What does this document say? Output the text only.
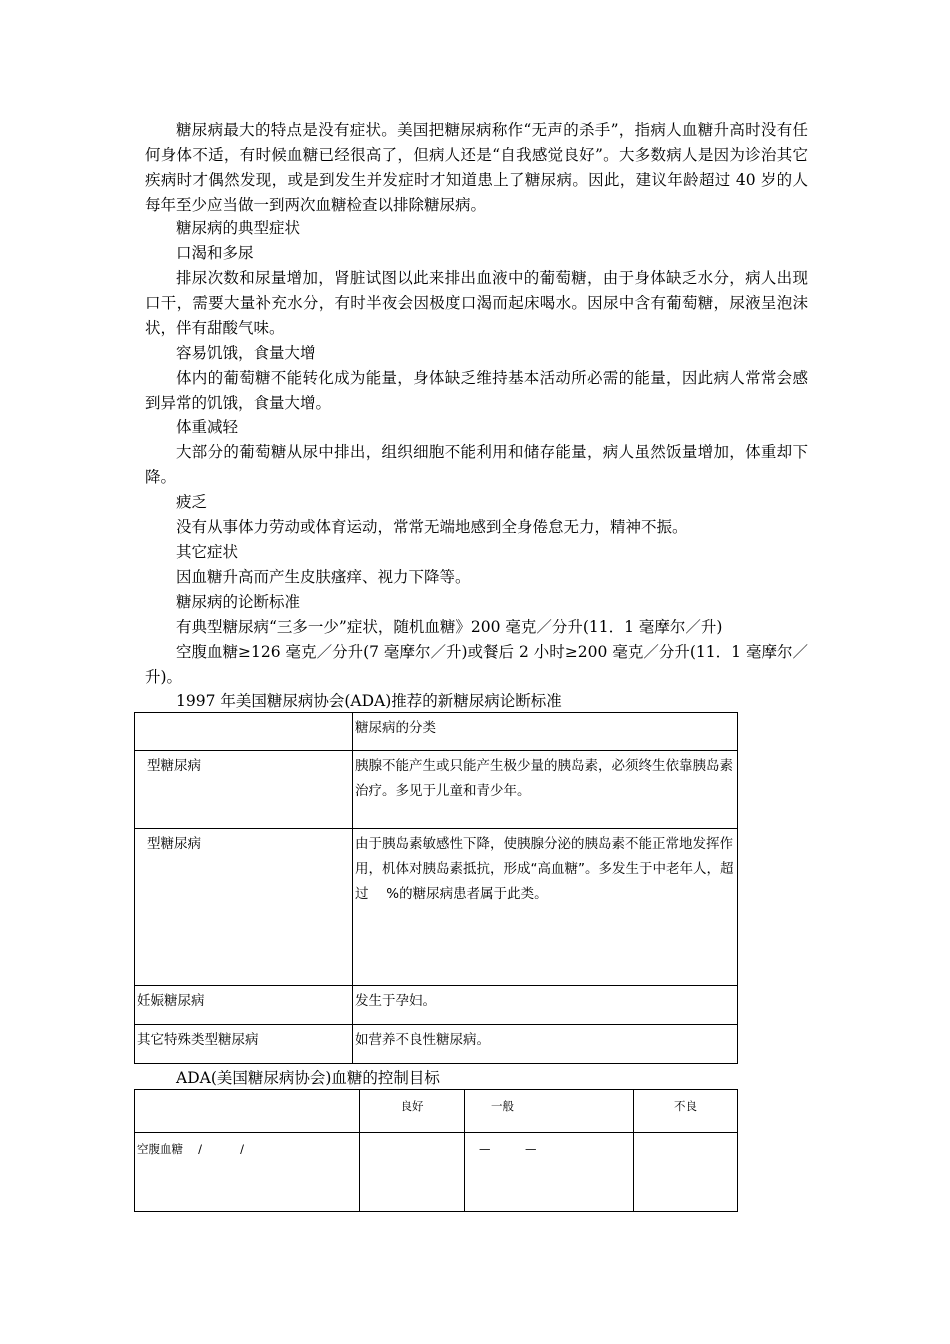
糖尿病最大的特点是没有症状。美国把糖尿病称作“无声的杀手”，指病人血糖升高时没有任何身体不适，有时候血糖已经很高了，但病人还是“自我感觉良好”。大多数病人是因为诊治其它疾病时才偶然发现，或是到发生并发症时才知道患上了糖尿病。因此，建议年龄超过 40 岁的人每年至少应当做一到两次血糖检查以排除糖尿病。

糖尿病的典型症状

口渴和多尿

排尿次数和尿量增加，肾脏试图以此来排出血液中的葡萄糖，由于身体缺乏水分，病人出现口干，需要大量补充水分，有时半夜会因极度口渴而起床喝水。因尿中含有葡萄糖，尿液呈泡沫状，伴有甜酸气味。

容易饥饿，食量大增

体内的葡萄糖不能转化成为能量，身体缺乏维持基本活动所必需的能量，因此病人常常会感到异常的饥饿，食量大增。

体重减轻

大部分的葡萄糖从尿中排出，组织细胞不能利用和储存能量，病人虽然饭量增加，体重却下降。

疲乏

没有从事体力劳动或体育运动，常常无端地感到全身倦怠无力，精神不振。

其它症状

因血糖升高而产生皮肤瘙痒、视力下降等。

糖尿病的论断标准

有典型糖尿病“三多一少”症状，随机血糖》200 毫克／分升(11．1 毫摩尔／升)

空腹血糖≥126 毫克／分升(7 毫摩尔／升)或餐后 2 小时≥200 毫克／分升(11．1 毫摩尔／升)。

1997 年美国糖尿病协会(ADA)推荐的新糖尿病论断标准

	糖尿病的分类
型糖尿病	胰腺不能产生或只能产生极少量的胰岛素，必须终生依靠胰岛素治疗。多见于儿童和青少年。
型糖尿病	由于胰岛素敏感性下降，使胰腺分泌的胰岛素不能正常地发挥作用，机体对胰岛素抵抗，形成“高血糖”。多发生于中老年人，超过　 %的糖尿病患者属于此类。
妊娠糖尿病	发生于孕妇。
其它特殊类型糖尿病	如营养不良性糖尿病。

ADA(美国糖尿病协会)血糖的控制目标

	良好	一般	不良
空腹血糖　 /　　　 /		—　　　—	
